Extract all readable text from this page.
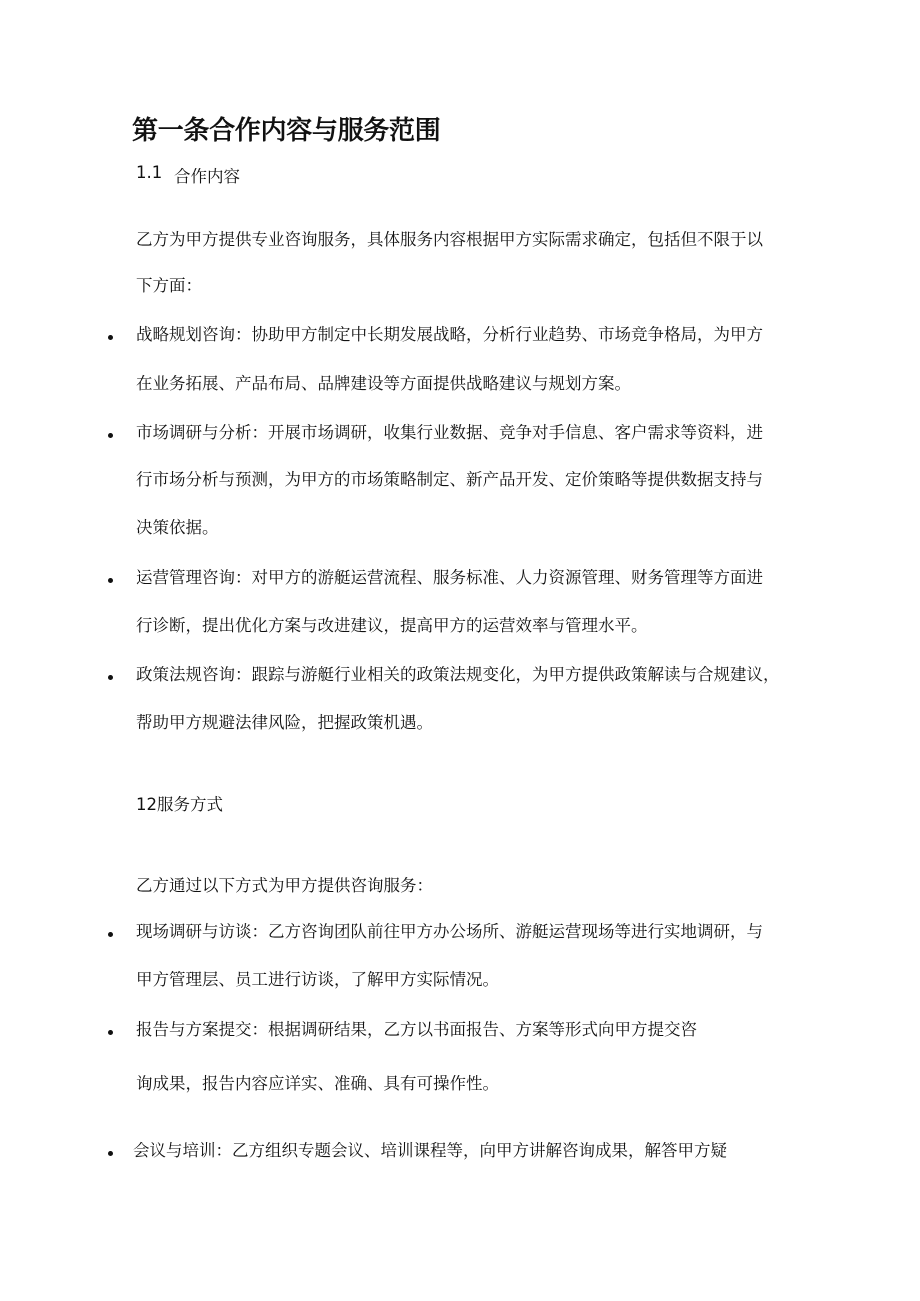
第一条合作内容与服务范围
1.1 合作内容
乙方为甲方提供专业咨询服务，具体服务内容根据甲方实际需求确定，包括但不限于以
下方面：
战略规划咨询：协助甲方制定中长期发展战略，分析行业趋势、市场竞争格局，为甲方
在业务拓展、产品布局、品牌建设等方面提供战略建议与规划方案。
市场调研与分析：开展市场调研，收集行业数据、竞争对手信息、客户需求等资料，进
行市场分析与预测，为甲方的市场策略制定、新产品开发、定价策略等提供数据支持与
决策依据。
运营管理咨询：对甲方的游艇运营流程、服务标准、人力资源管理、财务管理等方面进
行诊断，提出优化方案与改进建议，提高甲方的运营效率与管理水平。
政策法规咨询：跟踪与游艇行业相关的政策法规变化，为甲方提供政策解读与合规建议，
帮助甲方规避法律风险，把握政策机遇。
12服务方式
乙方通过以下方式为甲方提供咨询服务：
现场调研与访谈：乙方咨询团队前往甲方办公场所、游艇运营现场等进行实地调研，与
甲方管理层、员工进行访谈，了解甲方实际情况。
报告与方案提交：根据调研结果，乙方以书面报告、方案等形式向甲方提交咨
询成果，报告内容应详实、准确、具有可操作性。
会议与培训：乙方组织专题会议、培训课程等，向甲方讲解咨询成果，解答甲方疑
